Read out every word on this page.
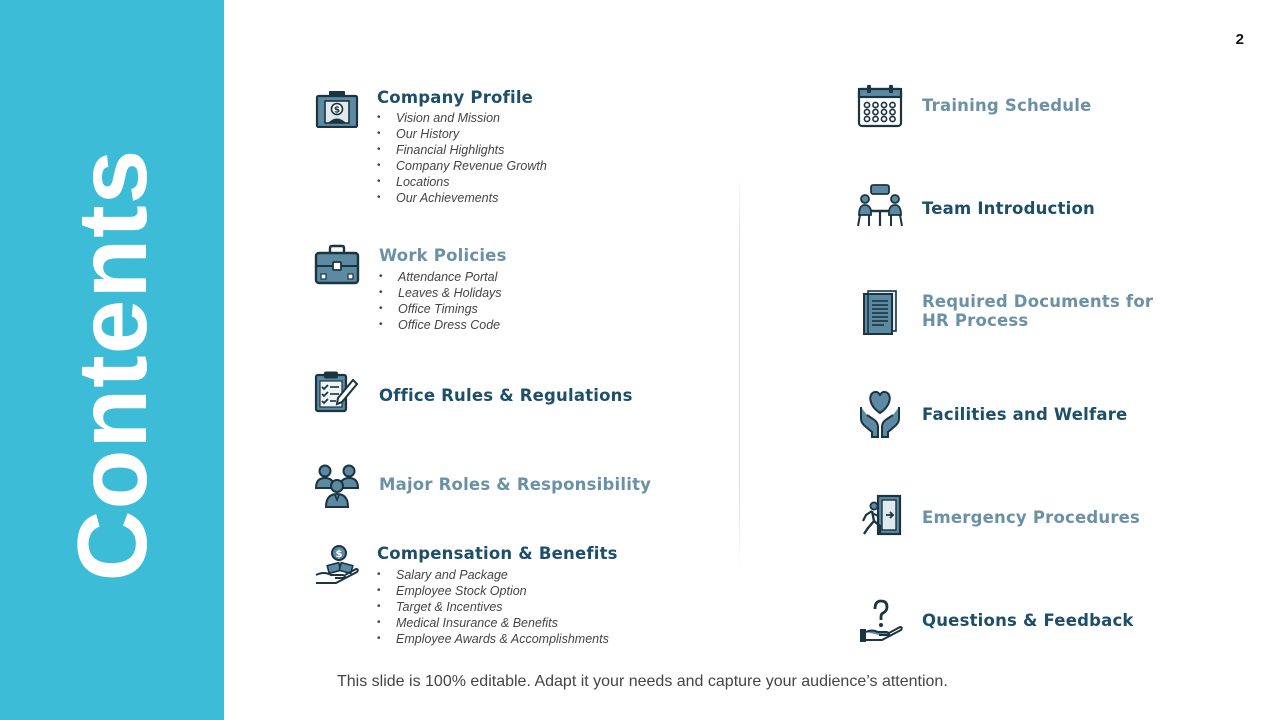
Contents
2
$
Company Profile
• Vision and Mission
• Our History
• Financial Highlights
• Company Revenue Growth
• Locations
• Our Achievements
Work Policies
• Attendance Portal
• Leaves & Holidays
• Office Timings
• Office Dress Code
Office Rules & Regulations
Major Roles & Responsibility
$ Compensation & Benefits
• Salary and Package
• Employee Stock Option
• Target & Incentives
• Medical Insurance & Benefits
• Employee Awards & Accomplishments
Training Schedule
Team Introduction
Required Documents for
HR Process
Facilities and Welfare
Emergency Procedures
Questions & Feedback
This slide is 100% editable. Adapt it your needs and capture your audience’s attention.
